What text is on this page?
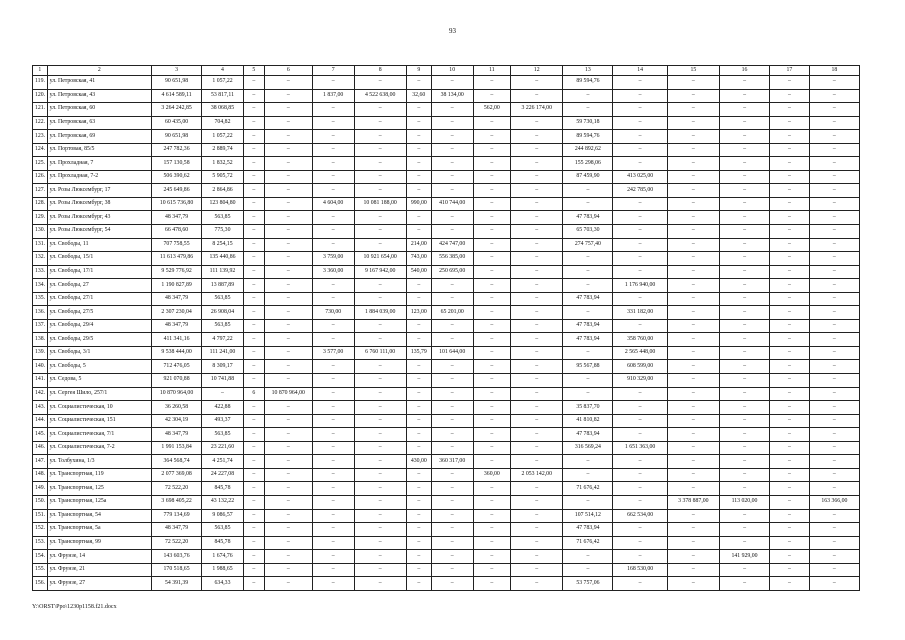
93
1	2	3	4	5	6	7	8	9	10	11	12	13	14	15	16	17	18
119.	ул. Петровская, 41	90 651,98	1 057,22	–	–	–	–	–	–	–	–	89 594,76	–	–	–	–	–
120.	ул. Петровская, 43	4 614 589,11	53 817,11	–	–	1 837,00	4 522 638,00	32,60	38 134,00	–	–	–	–	–	–	–	–
121.	ул. Петровская, 60	3 264 242,85	38 068,85	–	–	–	–	–	–	562,00	3 226 174,00	–	–	–	–	–	–
122.	ул. Петровская, 63	60 435,00	704,82	–	–	–	–	–	–	–	–	59 730,18	–	–	–	–	–
123.	ул. Петровская, 69	90 651,98	1 057,22	–	–	–	–	–	–	–	–	89 594,76	–	–	–	–	–
124.	ул. Портовая, 85/5	247 782,36	2 889,74	–	–	–	–	–	–	–	–	244 892,62	–	–	–	–	–
125.	ул. Прохладная, 7	157 130,58	1 832,52	–	–	–	–	–	–	–	–	155 298,06	–	–	–	–	–
126.	ул. Прохладная, 7-2	506 390,62	5 905,72	–	–	–	–	–	–	–	–	87 459,90	413 025,00	–	–	–	–
127.	ул. Розы Люксембург, 17	245 649,86	2 864,86	–	–	–	–	–	–	–	–	–	242 785,00	–	–	–	–
128.	ул. Розы Люксембург, 38	10 615 736,80	123 804,80	–	–	4 604,00	10 081 188,00	990,00	410 744,00	–	–	–	–	–	–	–	–
129.	ул. Розы Люксембург, 43	48 347,79	563,85	–	–	–	–	–	–	–	–	47 783,94	–	–	–	–	–
130.	ул. Розы Люксембург, 54	66 478,60	775,30	–	–	–	–	–	–	–	–	65 703,30	–	–	–	–	–
131.	ул. Свободы, 11	707 758,55	8 254,15	–	–	–	–	214,00	424 747,00	–	–	274 757,40	–	–	–	–	–
132.	ул. Свободы, 15/1	11 613 479,86	135 440,86	–	–	3 759,00	10 921 654,00	743,00	556 385,00	–	–	–	–	–	–	–	–
133.	ул. Свободы, 17/1	9 529 776,92	111 139,92	–	–	3 360,00	9 167 942,00	540,00	250 695,00	–	–	–	–	–	–	–	–
134.	ул. Свободы, 27	1 190 827,89	13 887,89	–	–	–	–	–	–	–	–	–	1 176 940,00	–	–	–	–
135.	ул. Свободы, 27/1	48 347,79	563,85	–	–	–	–	–	–	–	–	47 783,94	–	–	–	–	–
136.	ул. Свободы, 27/5	2 307 230,04	26 908,04	–	–	730,00	1 884 039,00	123,00	65 201,00	–	–	–	331 182,00	–	–	–	–
137.	ул. Свободы, 29/4	48 347,79	563,85	–	–	–	–	–	–	–	–	47 783,94	–	–	–	–	–
138.	ул. Свободы, 29/5	411 341,16	4 797,22	–	–	–	–	–	–	–	–	47 783,94	358 760,00	–	–	–	–
139.	ул. Свободы, 3/1	9 538 444,00	111 241,00	–	–	3 577,00	6 760 111,00	135,79	101 644,00	–	–	–	2 565 448,00	–	–	–	–
140.	ул. Свободы, 5	712 476,05	8 309,17	–	–	–	–	–	–	–	–	95 567,88	608 599,00	–	–	–	–
141.	ул. Седова, 5	921 070,88	10 741,88	–	–	–	–	–	–	–	–	–	910 329,00	–	–	–	–
142.	ул. Сергея Шило, 257/1	10 870 964,00	–	6	10 870 964,00	–	–	–	–	–	–	–	–	–	–	–	–
143.	ул. Социалистическая, 10	36 260,58	422,88	–	–	–	–	–	–	–	–	35 837,70	–	–	–	–	–
144.	ул. Социалистическая, 151	42 304,19	493,37	–	–	–	–	–	–	–	–	41 810,82	–	–	–	–	–
145.	ул. Социалистическая, 7/1	48 347,79	563,85	–	–	–	–	–	–	–	–	47 783,94	–	–	–	–	–
146.	ул. Социалистическая, 7-2	1 991 153,84	23 221,60	–	–	–	–	–	–	–	–	316 569,24	1 651 363,00	–	–	–	–
147.	ул. Толбухина, 1/3	364 568,74	4 251,74	–	–	–	–	430,00	360 317,00	–	–	–	–	–	–	–	–
148.	ул. Транспортная, 119	2 077 369,08	24 227,08	–	–	–	–	–	–	360,00	2 053 142,00	–	–	–	–	–	–
149.	ул. Транспортная, 125	72 522,20	845,78	–	–	–	–	–	–	–	–	71 676,42	–	–	–	–	–
150.	ул. Транспортная, 125а	3 698 405,22	43 132,22	–	–	–	–	–	–	–	–	–	–	3 378 887,00	113 020,00	–	163 366,00
151.	ул. Транспортная, 54	779 134,69	9 086,57	–	–	–	–	–	–	–	–	107 514,12	662 534,00	–	–	–	–
152.	ул. Транспортная, 5а	48 347,79	563,85	–	–	–	–	–	–	–	–	47 783,94	–	–	–	–	–
153.	ул. Транспортная, 99	72 522,20	845,78	–	–	–	–	–	–	–	–	71 676,42	–	–	–	–	–
154.	ул. Фрунзе, 14	143 603,76	1 674,76	–	–	–	–	–	–	–	–	–	–	–	141 929,00	–	–
155.	ул. Фрунзе, 21	170 518,65	1 988,65	–	–	–	–	–	–	–	–	–	168 530,00	–	–	–	–
156.	ул. Фрунзе, 27	54 391,39	634,33	–	–	–	–	–	–	–	–	53 757,06	–	–	–	–	–
Y:\ORST\Ppo\1230p1158.f21.docx
